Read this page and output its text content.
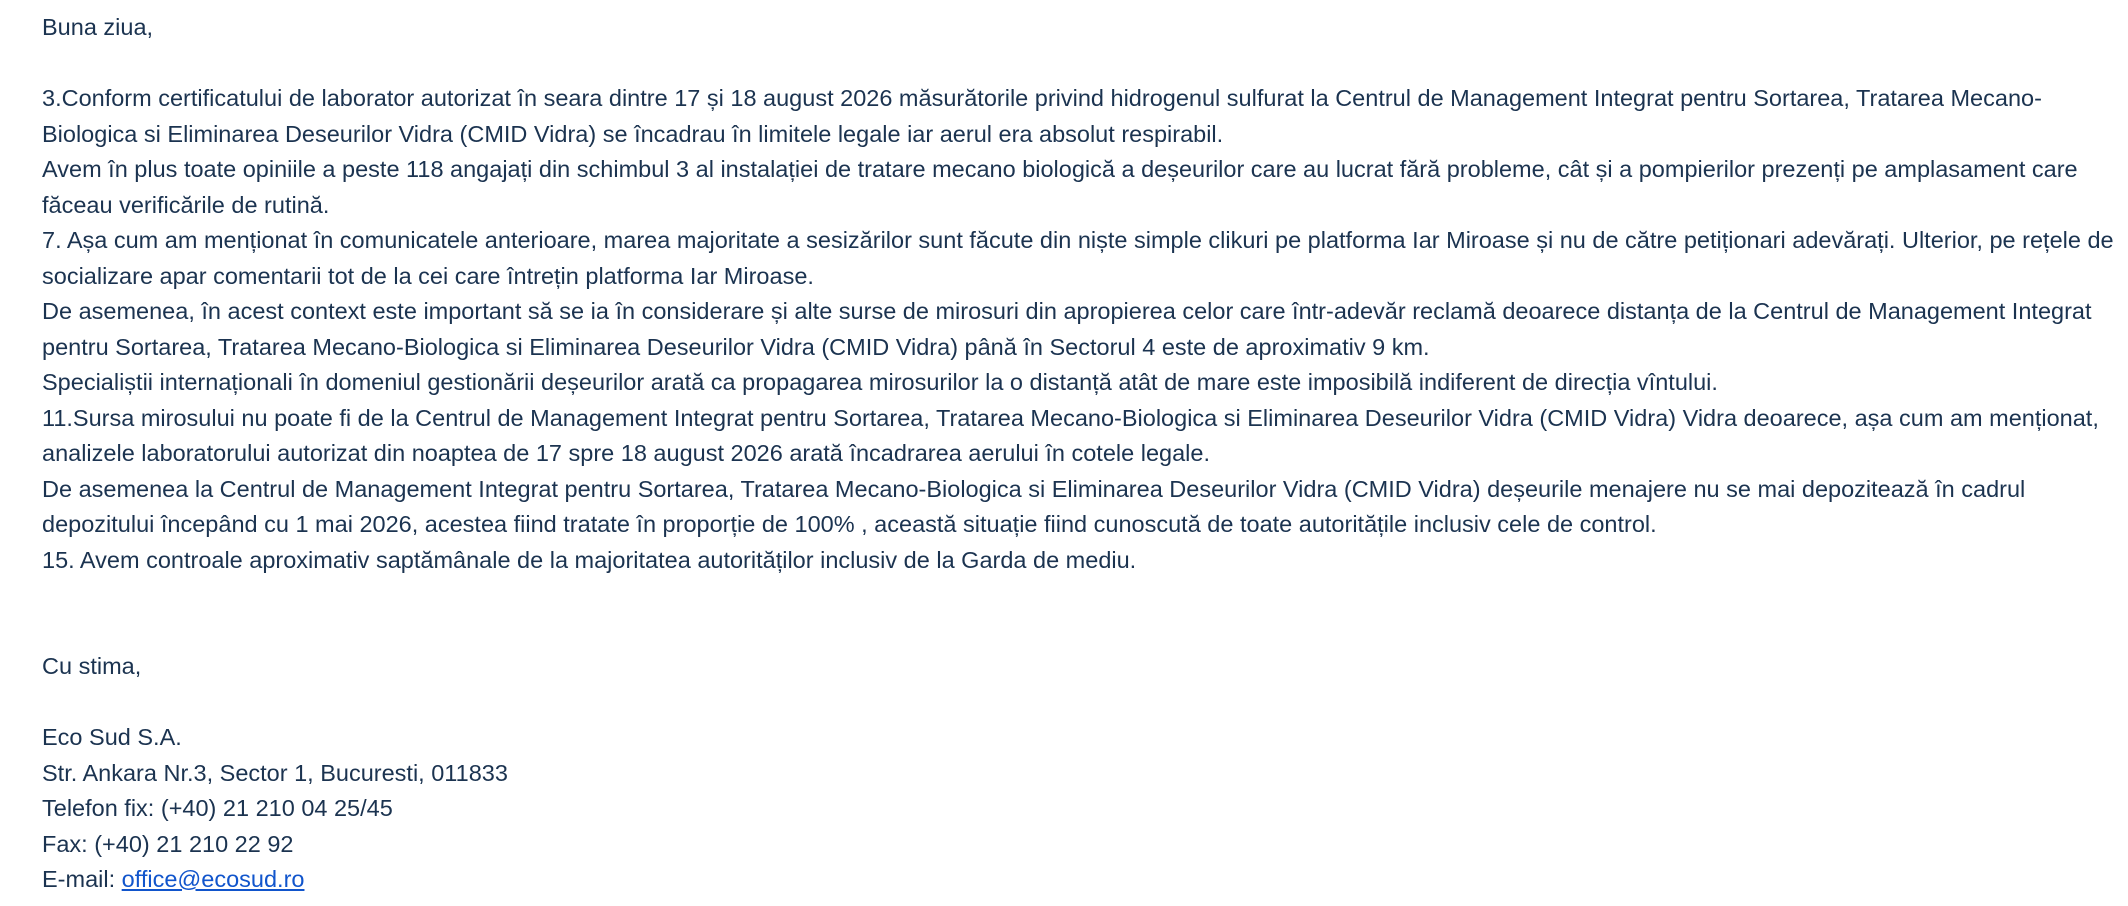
Buna ziua,

3.Conform certificatului de laborator autorizat în seara dintre 17 și 18 august 2026 măsurătorile privind hidrogenul sulfurat la Centrul de Management Integrat pentru Sortarea, Tratarea Mecano-Biologica si Eliminarea Deseurilor Vidra (CMID Vidra) se încadrau în limitele legale iar aerul era absolut respirabil.

Avem în plus toate opiniile a peste 118 angajați din schimbul 3 al instalației de tratare mecano biologică a deșeurilor care au lucrat fără probleme, cât și a pompierilor prezenți pe amplasament care făceau verificările de rutină.

7. Așa cum am menționat în comunicatele anterioare, marea majoritate a sesizărilor sunt făcute din niște simple clikuri pe platforma Iar Miroase și nu de către petiționari adevărați. Ulterior, pe rețele de socializare apar comentarii tot de la cei care întrețin platforma Iar Miroase.

De asemenea, în acest context este important să se ia în considerare și alte surse de mirosuri din apropierea celor care într-adevăr reclamă deoarece distanța de la Centrul de Management Integrat pentru Sortarea, Tratarea Mecano-Biologica si Eliminarea Deseurilor Vidra (CMID Vidra) până în Sectorul 4 este de aproximativ 9 km.

Specialiștii internaționali în domeniul gestionării deșeurilor arată ca propagarea mirosurilor la o distanță atât de mare este imposibilă indiferent de direcția vîntului.

11.Sursa mirosului nu poate fi de la Centrul de Management Integrat pentru Sortarea, Tratarea Mecano-Biologica si Eliminarea Deseurilor Vidra (CMID Vidra) Vidra deoarece, așa cum am menționat, analizele laboratorului autorizat din noaptea de 17 spre 18 august 2026 arată încadrarea aerului în cotele legale.

De asemenea la Centrul de Management Integrat pentru Sortarea, Tratarea Mecano-Biologica si Eliminarea Deseurilor Vidra (CMID Vidra) deșeurile menajere nu se mai depozitează în cadrul depozitului începând cu 1 mai 2026, acestea fiind tratate în proporție de 100% , această situație fiind cunoscută de toate autoritățile inclusiv cele de control.

15. Avem controale aproximativ saptămânale de la majoritatea autorităților inclusiv de la Garda de mediu.

Cu stima,

Eco Sud S.A.

Str. Ankara Nr.3, Sector 1, Bucuresti, 011833

Telefon fix: (+40) 21 210 04 25/45

Fax: (+40) 21 210 22 92

E-mail: office@ecosud.ro
